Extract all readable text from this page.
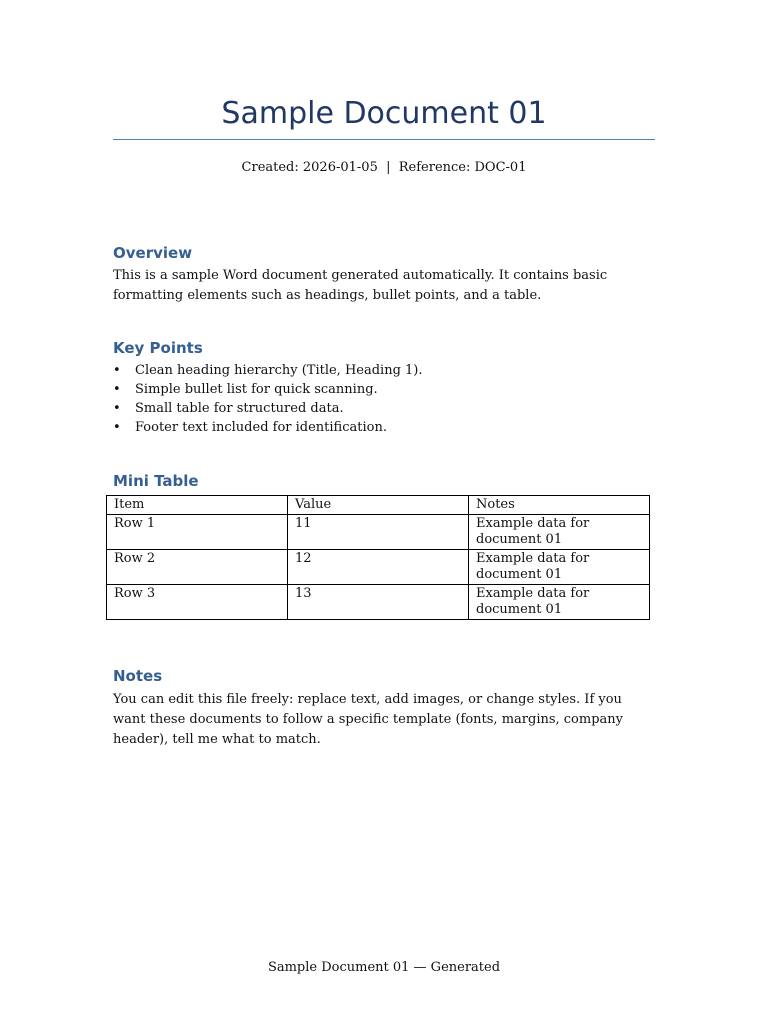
Sample Document 01
Created: 2026-01-05  |  Reference: DOC-01
Overview

This is a sample Word document generated automatically. It contains basic formatting elements such as headings, bullet points, and a table.

Key Points
• Clean heading hierarchy (Title, Heading 1).
• Simple bullet list for quick scanning.
• Small table for structured data.
• Footer text included for identification.
Mini Table
Item	Value	Notes
Row 1	11	Example data for document 01
Row 2	12	Example data for document 01
Row 3	13	Example data for document 01
Notes

You can edit this file freely: replace text, add images, or change styles. If you want these documents to follow a specific template (fonts, margins, company header), tell me what to match.

Sample Document 01 — Generated
